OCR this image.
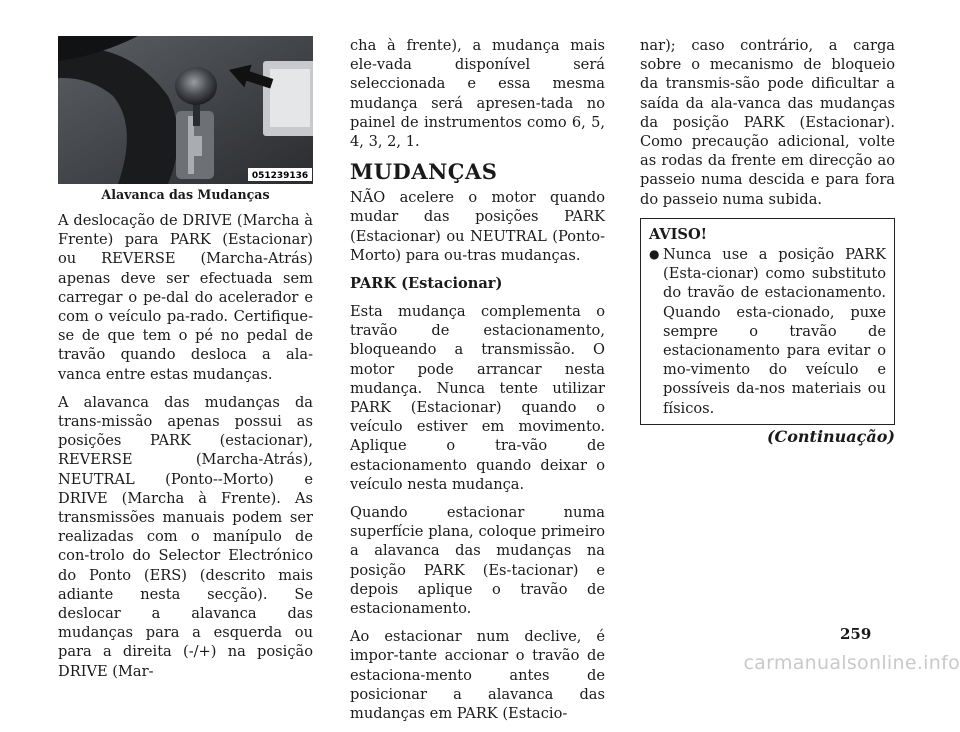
051239136
Alavanca das Mudanças

A deslocação de DRIVE (Marcha à Frente) para PARK (Estacionar) ou REVERSE (Marcha-Atrás) apenas deve ser efectuada sem carregar o pe-dal do acelerador e com o veículo pa-rado. Certifique-se de que tem o pé no pedal de travão quando desloca a ala-vanca entre estas mudanças.

A alavanca das mudanças da trans-missão apenas possui as posições PARK (estacionar), REVERSE (Marcha-Atrás), NEUTRAL (Ponto--Morto) e DRIVE (Marcha à Frente). As transmissões manuais podem ser realizadas com o manípulo de con-trolo do Selector Electrónico do Ponto (ERS) (descrito mais adiante nesta secção). Se deslocar a alavanca das mudanças para a esquerda ou para a direita (-/+) na posição DRIVE (Mar-

cha à frente), a mudança mais ele-vada disponível será seleccionada e essa mesma mudança será apresen-tada no painel de instrumentos como 6, 5, 4, 3, 2, 1.

MUDANÇAS

NÃO acelere o motor quando mudar das posições PARK (Estacionar) ou NEUTRAL (Ponto-Morto) para ou-tras mudanças.

PARK (Estacionar)

Esta mudança complementa o travão de estacionamento, bloqueando a transmissão. O motor pode arrancar nesta mudança. Nunca tente utilizar PARK (Estacionar) quando o veículo estiver em movimento. Aplique o tra-vão de estacionamento quando deixar o veículo nesta mudança.

Quando estacionar numa superfície plana, coloque primeiro a alavanca das mudanças na posição PARK (Es-tacionar) e depois aplique o travão de estacionamento.

Ao estacionar num declive, é impor-tante accionar o travão de estaciona-mento antes de posicionar a alavanca das mudanças em PARK (Estacio-

nar); caso contrário, a carga sobre o mecanismo de bloqueio da transmis-são pode dificultar a saída da ala-vanca das mudanças da posição PARK (Estacionar). Como precaução adicional, volte as rodas da frente em direcção ao passeio numa descida e para fora do passeio numa subida.

AVISO!
● Nunca use a posição PARK (Esta-cionar) como substituto do travão de estacionamento. Quando esta-cionado, puxe sempre o travão de estacionamento para evitar o mo-vimento do veículo e possíveis da-nos materiais ou físicos.
(Continuação)
259
carmanualsonline.info
